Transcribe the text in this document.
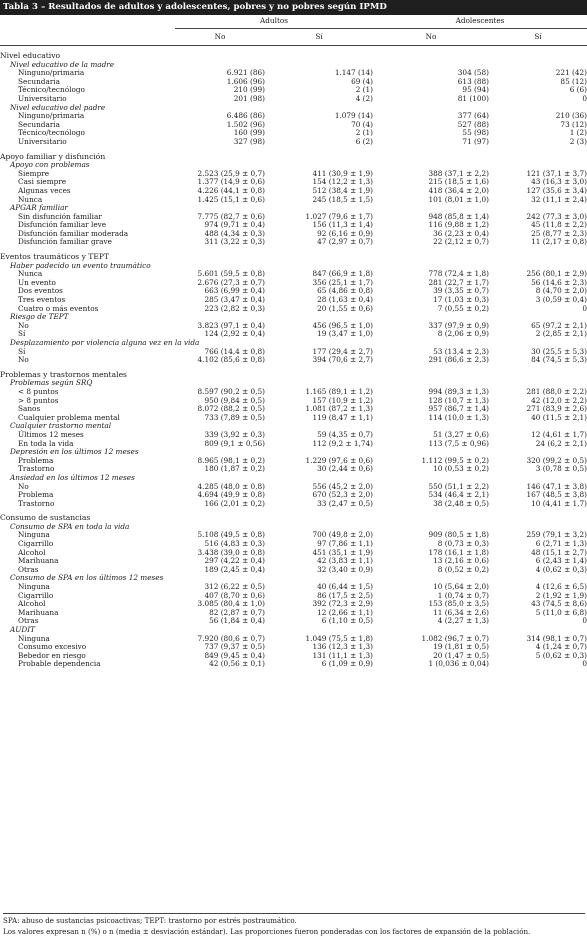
Tabla 3 – Resultados de adultos y adolescentes, pobres y no pobres según IPMD
	Adultos		Adolescentes	
	No	Sí	No	Sí
Nivel educativo				
Nivel educativo de la madre				
Ninguno/primaria	6.921 (86)	1.147 (14)	304 (58)	221 (42)
Secundaria	1.606 (96)	69 (4)	613 (88)	85 (12)
Técnico/tecnólogo	210 (99)	2 (1)	95 (94)	6 (6)
Universitario	201 (98)	4 (2)	81 (100)	0
Nivel educativo del padre				
Ninguno/primaria	6.486 (86)	1.079 (14)	377 (64)	210 (36)
Secundaria	1.502 (96)	70 (4)	527 (88)	73 (12)
Técnico/tecnólogo	160 (99)	2 (1)	55 (98)	1 (2)
Universitario	327 (98)	6 (2)	71 (97)	2 (3)
Apoyo familiar y disfunción				
Apoyo con problemas				
Siempre	2.523 (25,9 ± 0,7)	411 (30,9 ± 1,9)	388 (37,1 ± 2,2)	121 (37,1 ± 3,7)
Casi siempre	1.377 (14,9 ± 0,6)	154 (12,2 ± 1,3)	215 (18,5 ± 1,6)	43 (16,3 ± 3,0)
Algunas veces	4.226 (44,1 ± 0,8)	512 (38,4 ± 1,9)	418 (36,4 ± 2,0)	127 (35,6 ± 3,4)
Nunca	1.425 (15,1 ± 0,6)	245 (18,5 ± 1,5)	101 (8,01 ± 1,0)	32 (11,1 ± 2,4)
APGAR familiar				
Sin disfunción familiar	7.775 (82,7 ± 0,6)	1.027 (79,6 ± 1,7)	948 (85,8 ± 1,4)	242 (77,3 ± 3,0)
Disfunción familiar leve	974 (9,71 ± 0,4)	156 (11,3 ± 1,4)	116 (9,88 ± 1,2)	45 (11,8 ± 2,2)
Disfunción familiar moderada	488 (4,34 ± 0,3)	92 (6,16 ± 0,9)	36 (2,23 ± 0,4)	25 (8,77 ± 2,3)
Disfunción familiar grave	311 (3,22 ± 0,3)	47 (2,97 ± 0,7)	22 (2,12 ± 0,7)	11 (2,17 ± 0,8)
Eventos traumáticos y TEPT				
Haber padecido un evento traumático				
Nunca	5.601 (59,5 ± 0,8)	847 (66,9 ± 1,8)	778 (72,4 ± 1,8)	256 (80,1 ± 2,9)
Un evento	2.676 (27,3 ± 0,7)	356 (25,1 ± 1,7)	281 (22,7 ± 1,7)	56 (14,6 ± 2,3)
Dos eventos	663 (6,99 ± 0,4)	65 (4,86 ± 0,8)	39 (3,35 ± 0,7)	8 (4,70 ± 2,0)
Tres eventos	285 (3,47 ± 0,4)	28 (1,63 ± 0,4)	17 (1,03 ± 0,3)	3 (0,59 ± 0,4)
Cuatro o más eventos	223 (2,82 ± 0,3)	20 (1,55 ± 0,6)	7 (0,55 ± 0,2)	0
Riesgo de TEPT				
No	3.823 (97,1 ± 0,4)	456 (96,5 ± 1,0)	337 (97,9 ± 0,9)	65 (97,2 ± 2,1)
Sí	124 (2,92 ± 0,4)	19 (3,47 ± 1,0)	8 (2,06 ± 0,9)	2 (2,85 ± 2,1)
Desplazamiento por violencia alguna vez en la vida				
Sí	766 (14,4 ± 0,8)	177 (29,4 ± 2,7)	53 (13,4 ± 2,3)	30 (25,5 ± 5,3)
No	4.102 (85,6 ± 0,8)	394 (70,6 ± 2,7)	291 (86,6 ± 2,3)	84 (74,5 ± 5,3)
Problemas y trastornos mentales				
Problemas según SRQ				
< 8 puntos	8.597 (90,2 ± 0,5)	1.165 (89,1 ± 1,2)	994 (89,3 ± 1,3)	281 (88,0 ± 2,2)
> 8 puntos	950 (9,84 ± 0,5)	157 (10,9 ± 1,2)	128 (10,7 ± 1,3)	42 (12,0 ± 2,2)
Sanos	8.072 (88,2 ± 0,5)	1.081 (87,2 ± 1,3)	957 (86,7 ± 1,4)	271 (83,9 ± 2,6)
Cualquier problema mental	733 (7,89 ± 0,5)	119 (8,47 ± 1,1)	114 (10,0 ± 1,3)	40 (11,5 ± 2,1)
Cualquier trastorno mental				
Últimos 12 meses	339 (3,92 ± 0,3)	59 (4,35 ± 0,7)	51 (3,27 ± 0,6)	12 (4,61 ± 1,7)
En toda la vida	809 (9,1 ± 0,56)	112 (9,2 ± 1,74)	113 (7,5 ± 0,96)	24 (6,2 ± 2,1)
Depresión en los últimos 12 meses				
Problema	8.965 (98,1 ± 0,2)	1.229 (97,6 ± 0,6)	1.112 (99,5 ± 0,2)	320 (99,2 ± 0,5)
Trastorno	180 (1,87 ± 0,2)	30 (2,44 ± 0,6)	10 (0,53 ± 0,2)	3 (0,78 ± 0,5)
Ansiedad en los últimos 12 meses				
No	4.285 (48,0 ± 0,8)	556 (45,2 ± 2,0)	550 (51,1 ± 2,2)	146 (47,1 ± 3,8)
Problema	4.694 (49,9 ± 0,8)	670 (52,3 ± 2,0)	534 (46,4 ± 2,1)	167 (48,5 ± 3,8)
Trastorno	166 (2,01 ± 0,2)	33 (2,47 ± 0,5)	38 (2,48 ± 0,5)	10 (4,41 ± 1,7)
Consumo de sustancias				
Consumo de SPA en toda la vida				
Ninguna	5.108 (49,5 ± 0,8)	700 (49,8 ± 2,0)	909 (80,5 ± 1,8)	259 (79,1 ± 3,2)
Cigarrillo	516 (4,83 ± 0,3)	97 (7,86 ± 1,1)	8 (0,73 ± 0,3)	6 (2,71 ± 1,3)
Alcohol	3.438 (39,0 ± 0,8)	451 (35,1 ± 1,9)	178 (16,1 ± 1,8)	48 (15,1 ± 2,7)
Marihuana	297 (4,22 ± 0,4)	42 (3,83 ± 1,1)	13 (2,16 ± 0,6)	6 (2,43 ± 1,4)
Otras	189 (2,45 ± 0,4)	32 (3,40 ± 0,9)	8 (0,52 ± 0,2)	4 (0,62 ± 0,3)
Consumo de SPA en los últimos 12 meses				
Ninguna	312 (6,22 ± 0,5)	40 (6,44 ± 1,5)	10 (5,64 ± 2,0)	4 (12,6 ± 6,5)
Cigarrillo	407 (8,70 ± 0,6)	86 (17,5 ± 2,5)	1 (0,74 ± 0,7)	2 (1,92 ± 1,9)
Alcohol	3.085 (80,4 ± 1,0)	392 (72,3 ± 2,9)	153 (85,0 ± 3,5)	43 (74,5 ± 8,6)
Marihuana	82 (2,87 ± 0,7)	12 (2,66 ± 1,1)	11 (6,34 ± 2,6)	5 (11,0 ± 6,8)
Otras	56 (1,84 ± 0,4)	6 (1,10 ± 0,5)	4 (2,27 ± 1,3)	0
AUDIT				
Ninguna	7.920 (80,6 ± 0,7)	1.049 (75,5 ± 1,8)	1.082 (96,7 ± 0,7)	314 (98,1 ± 0,7)
Consumo excesivo	737 (9,37 ± 0,5)	136 (12,3 ± 1,3)	19 (1,81 ± 0,5)	4 (1,24 ± 0,7)
Bebedor en riesgo	849 (9,45 ± 0,4)	131 (11,1 ± 1,3)	20 (1,47 ± 0,5)	5 (0,62 ± 0,3)
Probable dependencia	42 (0,56 ± 0,1)	6 (1,09 ± 0,9)	1 (0,036 ± 0,04)	0
SPA: abuso de sustancias psicoactivas; TEPT: trastorno por estrés postraumático.
Los valores expresan n (%) o n (media ± desviación estándar). Las proporciones fueron ponderadas con los factores de expansión de la población.
